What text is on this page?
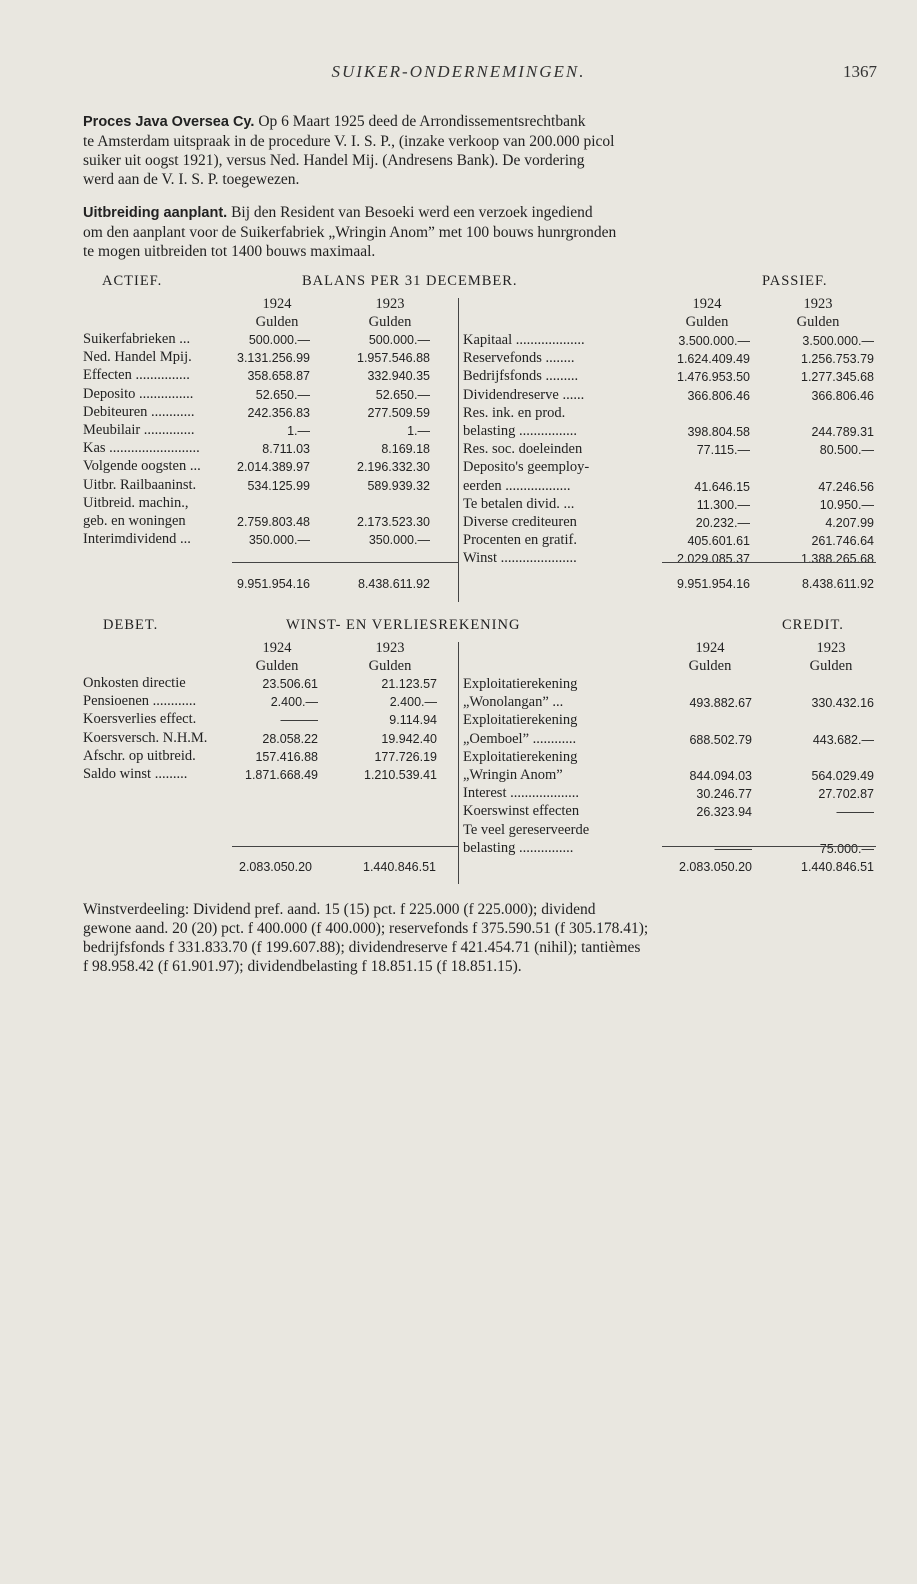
SUIKER-ONDERNEMINGEN.	1367
Proces Java Oversea Cy. Op 6 Maart 1925 deed de Arrondissementsrechtbank
te Amsterdam uitspraak in de procedure V. I. S. P., (inzake verkoop van 200.000 picol
suiker uit oogst 1921), versus Ned. Handel Mij. (Andresens Bank). De vordering
werd aan de V. I. S. P. toegewezen.
Uitbreiding aanplant. Bij den Resident van Besoeki werd een verzoek ingediend
om den aanplant voor de Suikerfabriek „Wringin Anom” met 100 bouws hunrgronden
te mogen uitbreiden tot 1400 bouws maximaal.
ACTIEF.	BALANS PER 31 DECEMBER.	PASSIEF.
1924	1923	1924	1923
Gulden	Gulden	Gulden	Gulden
Suikerfabrieken ...	500.000.—	500.000.—
Ned. Handel Mpij.	3.131.256.99	1.957.546.88
Effecten ...............	358.658.87	332.940.35
Deposito ...............	52.650.—	52.650.—
Debiteuren ............	242.356.83	277.509.59
Meubilair ..............	1.—	1.—
Kas .........................	8.711.03	8.169.18
Volgende oogsten ...	2.014.389.97	2.196.332.30
Uitbr. Railbaaninst.	534.125.99	589.939.32
Uitbreid. machin.,
geb. en woningen	2.759.803.48	2.173.523.30
Interimdividend ...	350.000.—	350.000.—
Kapitaal ...................	3.500.000.—	3.500.000.—
Reservefonds ........	1.624.409.49	1.256.753.79
Bedrijfsfonds .........	1.476.953.50	1.277.345.68
Dividendreserve ......	366.806.46	366.806.46
Res. ink. en prod.
belasting ................	398.804.58	244.789.31
Res. soc. doeleinden	77.115.—	80.500.—
Deposito's geemploy-
eerden ..................	41.646.15	47.246.56
Te betalen divid. ...	11.300.—	10.950.—
Diverse crediteuren	20.232.—	4.207.99
Procenten en gratif.	405.601.61	261.746.64
Winst .....................	2.029.085.37	1.388.265.68
9.951.954.16	8.438.611.92	9.951.954.16	8.438.611.92
DEBET.	WINST- EN VERLIESREKENING	CREDIT.
1924	1923	1924	1923
Gulden	Gulden	Gulden	Gulden
Onkosten directie	23.506.61	21.123.57
Pensioenen ............	2.400.—	2.400.—
Koersverlies effect.	———	9.114.94
Koersversch. N.H.M.	28.058.22	19.942.40
Afschr. op uitbreid.	157.416.88	177.726.19
Saldo winst .........	1.871.668.49	1.210.539.41
Exploitatierekening
„Wonolangan” ...	493.882.67	330.432.16
Exploitatierekening
„Oemboel” ............	688.502.79	443.682.—
Exploitatierekening
„Wringin Anom”	844.094.03	564.029.49
Interest ...................	30.246.77	27.702.87
Koerswinst effecten	26.323.94	———
Te veel gereserveerde
belasting ...............	———	75.000.—
2.083.050.20	1.440.846.51	2.083.050.20	1.440.846.51
Winstverdeeling: Dividend pref. aand. 15 (15) pct. f 225.000 (f 225.000); dividend
gewone aand. 20 (20) pct. f 400.000 (f 400.000); reservefonds f 375.590.51 (f 305.178.41);
bedrijfsfonds f 331.833.70 (f 199.607.88); dividendreserve f 421.454.71 (nihil); tantièmes
f 98.958.42 (f 61.901.97); dividendbelasting f 18.851.15 (f 18.851.15).
